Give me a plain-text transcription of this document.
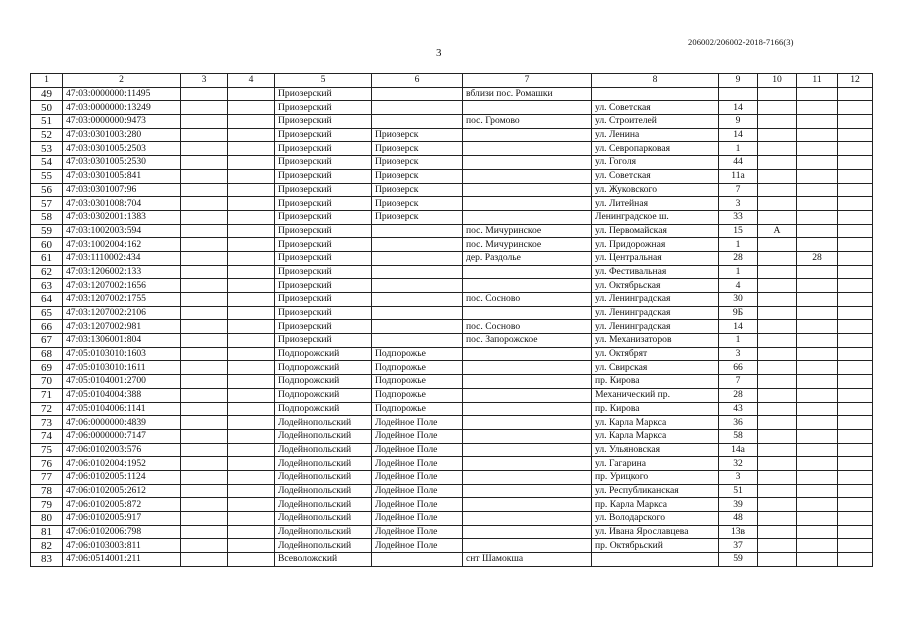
206002/206002-2018-7166(3)
3
1	2	3	4	5	6	7	8	9	10	11	12
49	47:03:0000000:11495			Приозерский		вблизи пос. Ромашки					
50	47:03:0000000:13249			Приозерский			ул. Советская	14			
51	47:03:0000000:9473			Приозерский		пос. Громово	ул. Строителей	9			
52	47:03:0301003:280			Приозерский	Приозерск		ул. Ленина	14			
53	47:03:0301005:2503			Приозерский	Приозерск		ул. Севропарковая	1			
54	47:03:0301005:2530			Приозерский	Приозерск		ул. Гоголя	44			
55	47:03:0301005:841			Приозерский	Приозерск		ул. Советская	11а			
56	47:03:0301007:96			Приозерский	Приозерск		ул. Жуковского	7			
57	47:03:0301008:704			Приозерский	Приозерск		ул. Литейная	3			
58	47:03:0302001:1383			Приозерский	Приозерск		Ленинградское ш.	33			
59	47:03:1002003:594			Приозерский		пос. Мичуринское	ул. Первомайская	15	А		
60	47:03:1002004:162			Приозерский		пос. Мичуринское	ул. Придорожная	1			
61	47:03:1110002:434			Приозерский		дер. Раздолье	ул. Центральная	28		28	
62	47:03:1206002:133			Приозерский			ул. Фестивальная	1			
63	47:03:1207002:1656			Приозерский			ул. Октябрьская	4			
64	47:03:1207002:1755			Приозерский		пос. Сосново	ул. Ленинградская	30			
65	47:03:1207002:2106			Приозерский			ул. Ленинградская	9Б			
66	47:03:1207002:981			Приозерский		пос. Сосново	ул. Ленинградская	14			
67	47:03:1306001:804			Приозерский		пос. Запорожское	ул. Механизаторов	1			
68	47:05:0103010:1603			Подпорожский	Подпорожье		ул. Октябрят	3			
69	47:05:0103010:1611			Подпорожский	Подпорожье		ул. Свирская	66			
70	47:05:0104001:2700			Подпорожский	Подпорожье		пр. Кирова	7			
71	47:05:0104004:388			Подпорожский	Подпорожье		Механический пр.	28			
72	47:05:0104006:1141			Подпорожский	Подпорожье		пр. Кирова	43			
73	47:06:0000000:4839			Лодейнопольский	Лодейное Поле		ул. Карла Маркса	36			
74	47:06:0000000:7147			Лодейнопольский	Лодейное Поле		ул. Карла Маркса	58			
75	47:06:0102003:576			Лодейнопольский	Лодейное Поле		ул. Ульяновская	14а			
76	47:06:0102004:1952			Лодейнопольский	Лодейное Поле		ул. Гагарина	32			
77	47:06:0102005:1124			Лодейнопольский	Лодейное Поле		пр. Урицкого	3			
78	47:06:0102005:2612			Лодейнопольский	Лодейное Поле		ул. Республиканская	51			
79	47:06:0102005:872			Лодейнопольский	Лодейное Поле		пр. Карла Маркса	39			
80	47:06:0102005:917			Лодейнопольский	Лодейное Поле		ул. Володарского	48			
81	47:06:0102006:798			Лодейнопольский	Лодейное Поле		ул. Ивана Ярославцева	13в			
82	47:06:0103003:811			Лодейнопольский	Лодейное Поле		пр. Октябрьский	37			
83	47:06:0514001:211			Всеволожский		снт Шамокша		59			
